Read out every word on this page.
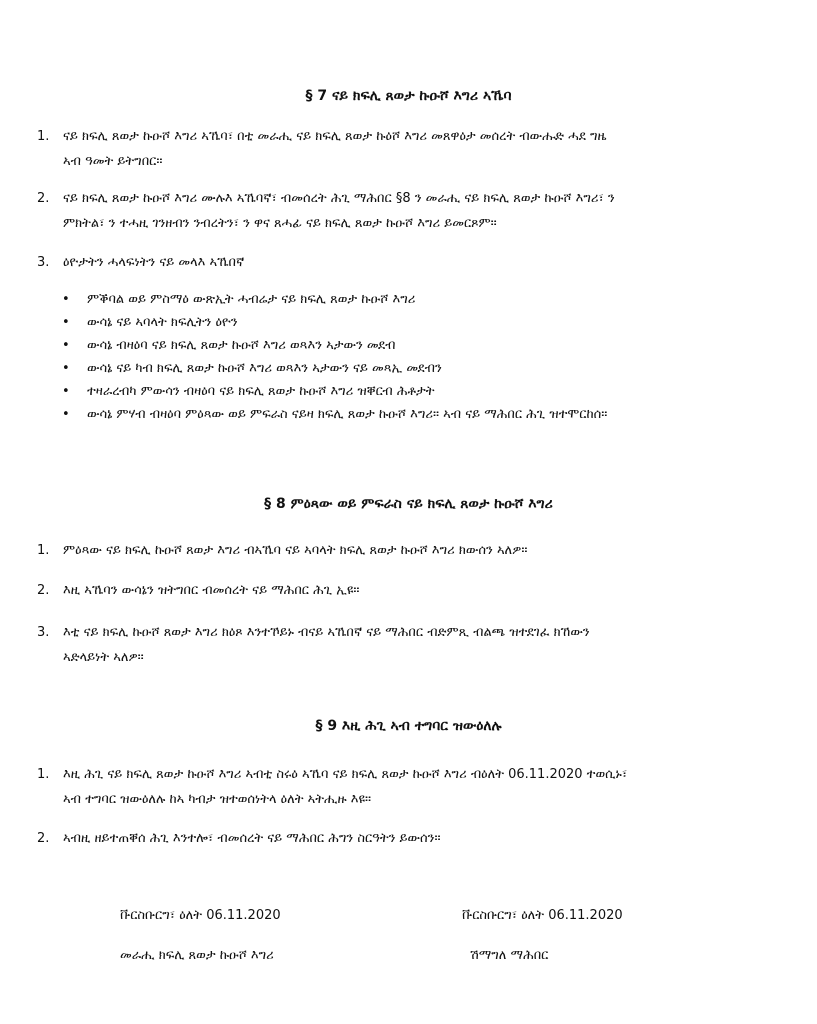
§ 7 ናይ ክፍሊ ጸወታ ኩዑሾ እግሪ ኣኼባ
1.	ናይ ክፍሊ ጸወታ ኩዑሾ እግሪ ኣኼባ፣ በቲ መራሒ ናይ ክፍሊ ጸወታ ኩዕሾ እግሪ መጸዋዕታ መሰረት ብውሑድ ሓደ ግዜ
ኣብ ዓመት ይትግበር።
2.	ናይ ክፍሊ ጸወታ ኩዑሾ እግሪ ሙሉእ ኣኼባኛ፣ ብመሰረት ሕጊ ማሕበር §8 ን መራሒ ናይ ክፍሊ ጸወታ ኩዑሾ እግሪ፣ ን
ምክትል፣ ን ተሓዚ ገንዘብን ንብረትን፣ ን ዋና ጸሓፊ ናይ ክፍሊ ጸወታ ኩዑሾ እግሪ ይመርጾም።
3.	ዕዮታትን ሓላፍነትን ናይ መላእ ኣኼበኛ
• ምቕባል ወይ ምስማዕ ውጽኢት ሓብሬታ ናይ ክፍሊ ጸወታ ኩዑሾ እግሪ
• ውሳኔ ናይ ኣባላት ክፍሊትን ዕዮን
• ውሳኔ ብዛዕባ ናይ ክፍሊ ጸወታ ኩዑሾ እግሪ ወጻእን ኣታውን መደብ
• ውሳኔ ናይ ካብ ክፍሊ ጸወታ ኩዑሾ እግሪ ወጻእን ኣታውን ናይ መጻኢ መደብን
• ተዛራረብካ ምውሳን ብዛዕባ ናይ ክፍሊ ጸወታ ኩዑሾ እግሪ ዝቐርብ ሕቶታት
• ውሳኔ ምሃብ ብዛዕባ ምዕጻው ወይ ምፍራስ ናይዛ ክፍሊ ጸወታ ኩዑሾ እግሪ። ኣብ ናይ ማሕበር ሕጊ ዝተሞርከሰ።
§ 8 ምዕጻው ወይ ምፍራስ ናይ ክፍሊ ጸወታ ኩዑሾ እግሪ
1.	ምዕጻው ናይ ክፍሊ ኩዑሾ ጸወታ እግሪ ብኣኼባ ናይ ኣባላት ክፍሊ ጸወታ ኩዑሾ እግሪ ክውሰን ኣለዎ።
2.	እዚ ኣኼባን ውሳኔን ዝትግበር ብመሰረት ናይ ማሕበር ሕጊ ኢዩ።
3.	እቲ ናይ ክፍሊ ኩዑሾ ጸወታ እግሪ ክዕጾ እንተኾይኑ ብናይ ኣኼበኛ ናይ ማሕበር ብድምጺ ብልጫ ዝተደገፈ ክኸውን
ኣድላይነት ኣለዎ።
§ 9 እዚ ሕጊ ኣብ ተግባር ዝውዕለሉ
1.	እዚ ሕጊ ናይ ክፍሊ ጸወታ ኩዑሾ እግሪ ኣብቲ ስሩዕ ኣኼባ ናይ ክፍሊ ጸወታ ኩዑሾ እግሪ ብዕለት 06.11.2020 ተወሲኑ፣
ኣብ ተግባር ዝውዕለሉ ከኣ ካብታ ዝተወሰነትላ ዕለት ኣትሒዙ እዩ።
2.	ኣብዚ ዘይተጠቐሰ ሕጊ እንተሎ፣ ብመሰረት ናይ ማሕበር ሕግን ስርዓትን ይውሰን።
ቩርስቡርግ፣ ዕለት 06.11.2020	ቩርስቡርግ፣ ዕለት 06.11.2020
መራሒ ክፍሊ ጸወታ ኩዑሾ እግሪ	ሽማግለ ማሕበር
